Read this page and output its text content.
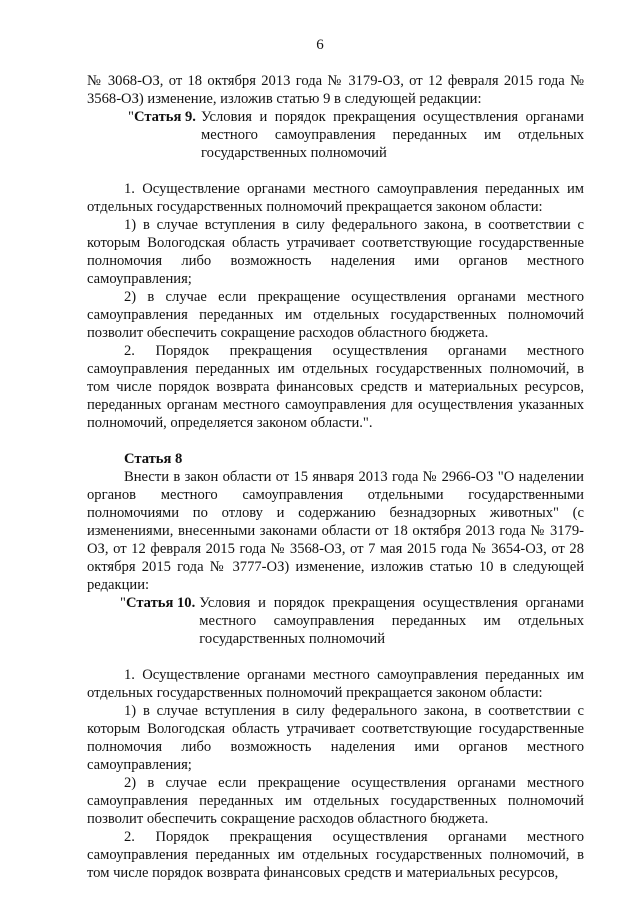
6

№ 3068-ОЗ, от 18 октября 2013 года № 3179-ОЗ, от 12 февраля 2015 года № 3568-ОЗ) изменение, изложив статью 9 в следующей редакции:

"Статья 9. Условия и порядок прекращения осуществления органами местного самоуправления переданных им отдельных государственных полномочий

1. Осуществление органами местного самоуправления переданных им отдельных государственных полномочий прекращается законом области:

1) в случае вступления в силу федерального закона, в соответствии с которым Вологодская область утрачивает соответствующие государственные полномочия либо возможность наделения ими органов местного самоуправления;

2) в случае если прекращение осуществления органами местного самоуправления переданных им отдельных государственных полномочий позволит обеспечить сокращение расходов областного бюджета.

2. Порядок прекращения осуществления органами местного самоуправления переданных им отдельных государственных полномочий, в том числе порядок возврата финансовых средств и материальных ресурсов, переданных органам местного самоуправления для осуществления указанных полномочий, определяется законом области.".

Статья 8

Внести в закон области от 15 января 2013 года № 2966-ОЗ "О наделении органов местного самоуправления отдельными государственными полномочиями по отлову и содержанию безнадзорных животных" (с изменениями, внесенными законами области от 18 октября 2013 года № 3179-ОЗ, от 12 февраля 2015 года № 3568-ОЗ, от 7 мая 2015 года № 3654-ОЗ, от 28 октября 2015 года № 3777-ОЗ) изменение, изложив статью 10 в следующей редакции:

"Статья 10. Условия и порядок прекращения осуществления органами местного самоуправления переданных им отдельных государственных полномочий

1. Осуществление органами местного самоуправления переданных им отдельных государственных полномочий прекращается законом области:

1) в случае вступления в силу федерального закона, в соответствии с которым Вологодская область утрачивает соответствующие государственные полномочия либо возможность наделения ими органов местного самоуправления;

2) в случае если прекращение осуществления органами местного самоуправления переданных им отдельных государственных полномочий позволит обеспечить сокращение расходов областного бюджета.

2. Порядок прекращения осуществления органами местного самоуправления переданных им отдельных государственных полномочий, в том числе порядок возврата финансовых средств и материальных ресурсов,
